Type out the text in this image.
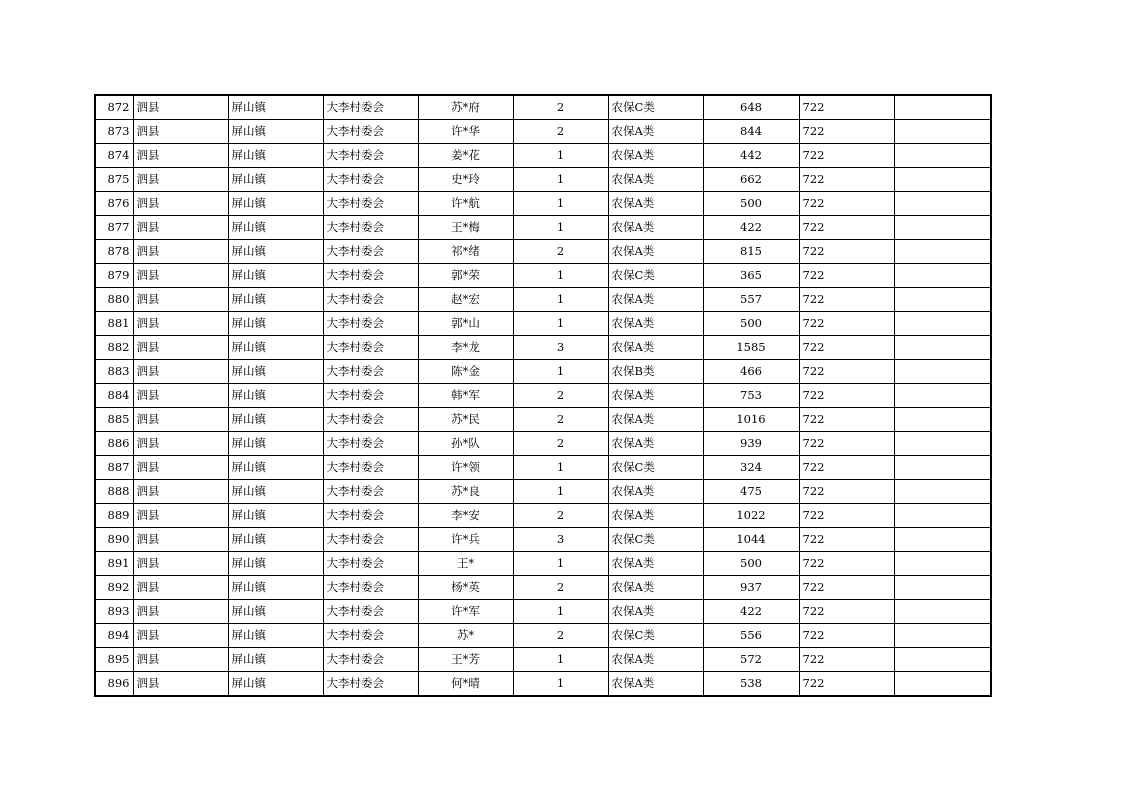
872	泗县	屏山镇	大李村委会	苏*府	2	农保C类	648	722	
873	泗县	屏山镇	大李村委会	许*华	2	农保A类	844	722	
874	泗县	屏山镇	大李村委会	姜*花	1	农保A类	442	722	
875	泗县	屏山镇	大李村委会	史*玲	1	农保A类	662	722	
876	泗县	屏山镇	大李村委会	许*航	1	农保A类	500	722	
877	泗县	屏山镇	大李村委会	王*梅	1	农保A类	422	722	
878	泗县	屏山镇	大李村委会	祁*绪	2	农保A类	815	722	
879	泗县	屏山镇	大李村委会	郭*荣	1	农保C类	365	722	
880	泗县	屏山镇	大李村委会	赵*宏	1	农保A类	557	722	
881	泗县	屏山镇	大李村委会	郭*山	1	农保A类	500	722	
882	泗县	屏山镇	大李村委会	李*龙	3	农保A类	1585	722	
883	泗县	屏山镇	大李村委会	陈*金	1	农保B类	466	722	
884	泗县	屏山镇	大李村委会	韩*军	2	农保A类	753	722	
885	泗县	屏山镇	大李村委会	苏*民	2	农保A类	1016	722	
886	泗县	屏山镇	大李村委会	孙*队	2	农保A类	939	722	
887	泗县	屏山镇	大李村委会	许*领	1	农保C类	324	722	
888	泗县	屏山镇	大李村委会	苏*良	1	农保A类	475	722	
889	泗县	屏山镇	大李村委会	李*安	2	农保A类	1022	722	
890	泗县	屏山镇	大李村委会	许*兵	3	农保C类	1044	722	
891	泗县	屏山镇	大李村委会	王*	1	农保A类	500	722	
892	泗县	屏山镇	大李村委会	杨*英	2	农保A类	937	722	
893	泗县	屏山镇	大李村委会	许*军	1	农保A类	422	722	
894	泗县	屏山镇	大李村委会	苏*	2	农保C类	556	722	
895	泗县	屏山镇	大李村委会	王*芳	1	农保A类	572	722	
896	泗县	屏山镇	大李村委会	何*晴	1	农保A类	538	722	
